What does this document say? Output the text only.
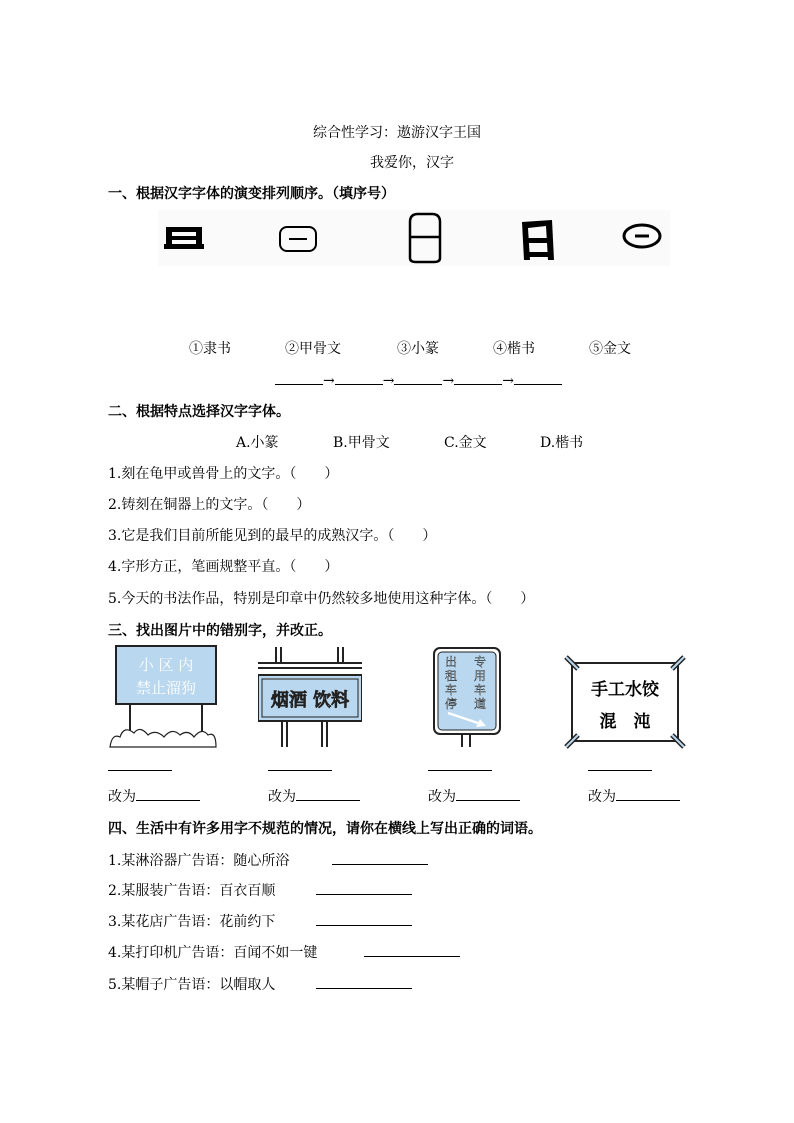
综合性学习：遨游汉字王国
我爱你，汉字
一、根据汉字字体的演变排列顺序。（填序号）
①隶书	②甲骨文	③小篆	④楷书	⑤金文
→	→	→	→
二、根据特点选择汉字字体。
A.小篆	B.甲骨文	C.金文	D.楷书
1.刻在龟甲或兽骨上的文字。（　　）
2.铸刻在铜器上的文字。（　　）
3.它是我们目前所能见到的最早的成熟汉字。（　　）
4.字形方正，笔画规整平直。（　　）
5.今天的书法作品，特别是印章中仍然较多地使用这种字体。（　　）
三、找出图片中的错别字，并改正。
小 区 内
禁止溜狗
烟酒 饮料
出租车停
专用车道
手工水饺
混　沌
改为	改为	改为	改为
四、生活中有许多用字不规范的情况，请你在横线上写出正确的词语。
1.某淋浴器广告语：随心所浴
2.某服装广告语：百衣百顺
3.某花店广告语：花前约下
4.某打印机广告语：百闻不如一键
5.某帽子广告语：以帽取人
